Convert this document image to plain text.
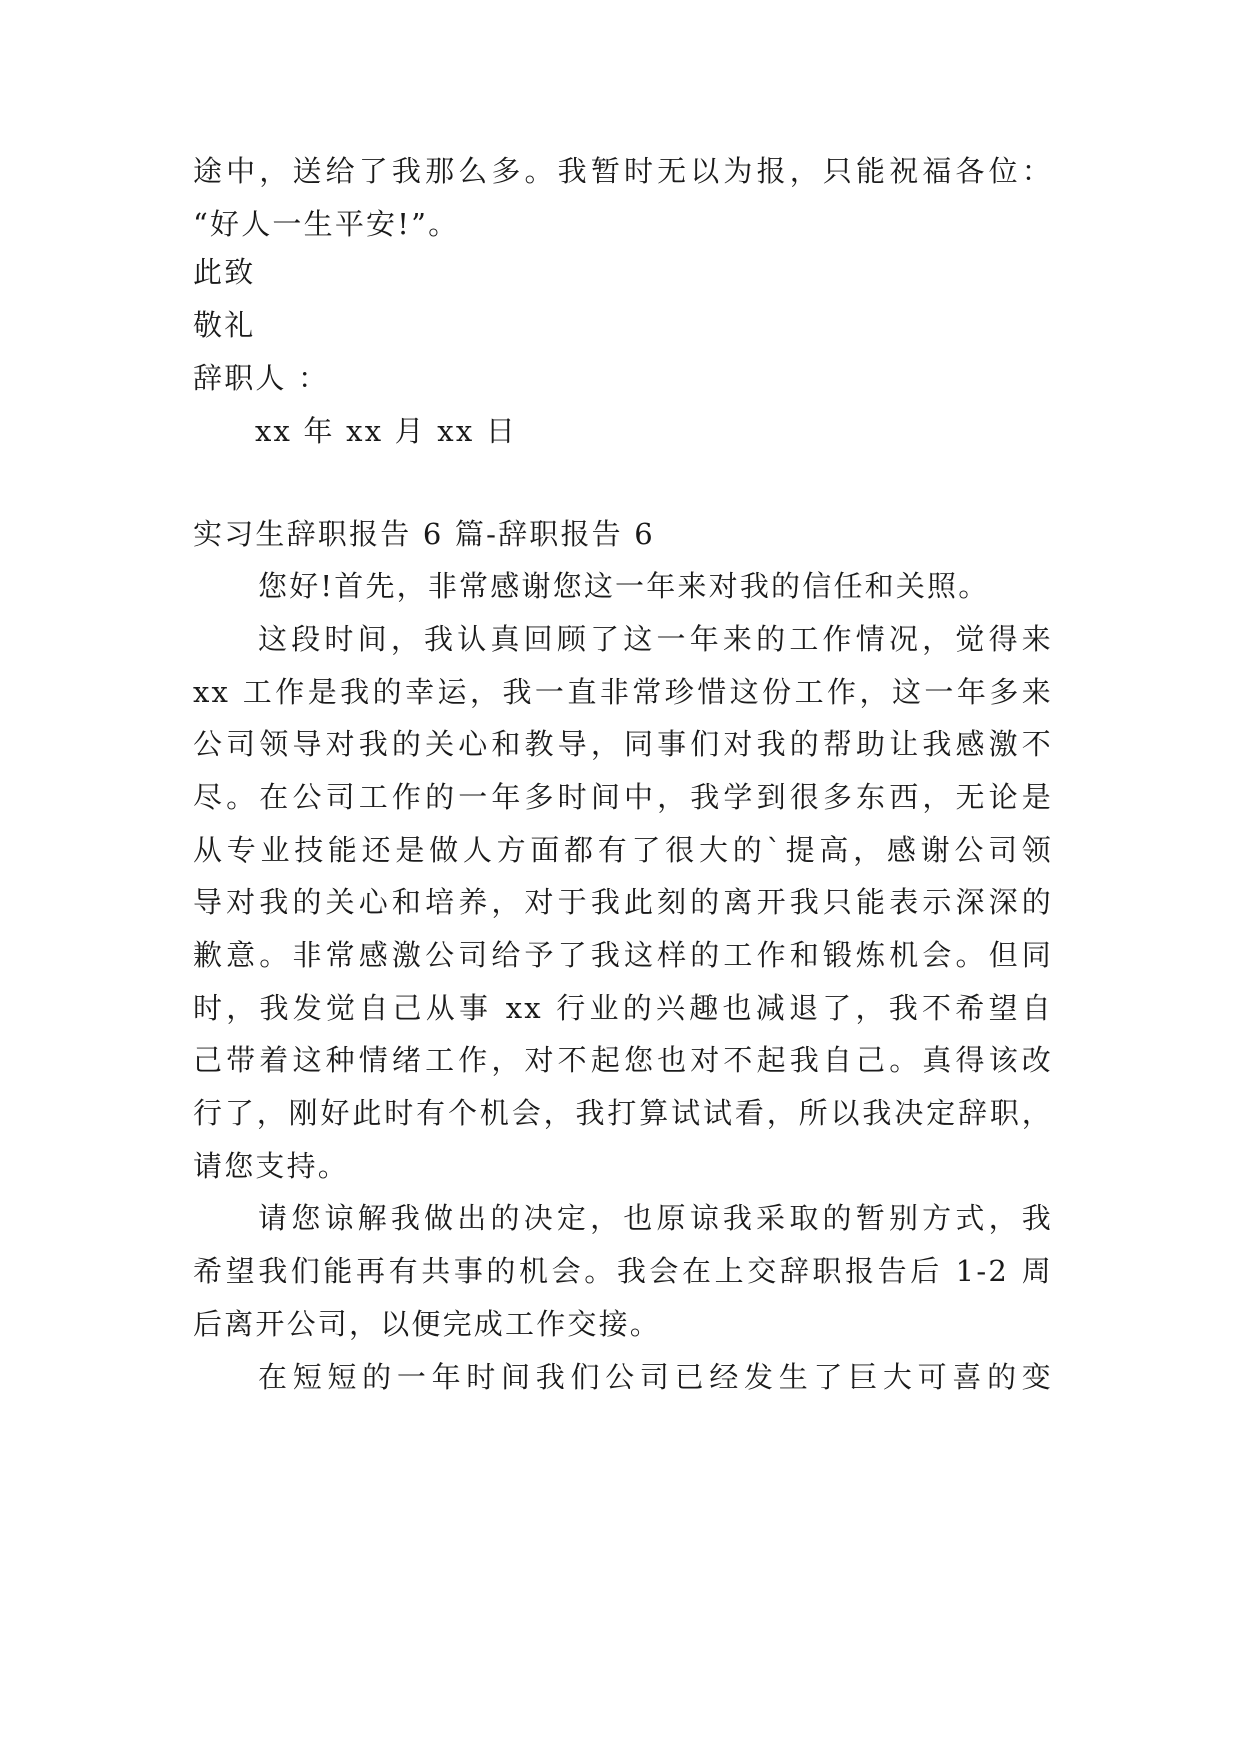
途中，送给了我那么多。我暂时无以为报，只能祝福各位：
“好人一生平安!”。
此致
敬礼
辞职人 ：
xx 年 xx 月 xx 日
实习生辞职报告 6 篇-辞职报告 6
您好!首先，非常感谢您这一年来对我的信任和关照。
这段时间，我认真回顾了这一年来的工作情况，觉得来
xx 工作是我的幸运，我一直非常珍惜这份工作，这一年多来
公司领导对我的关心和教导，同事们对我的帮助让我感激不
尽。在公司工作的一年多时间中，我学到很多东西，无论是
从专业技能还是做人方面都有了很大的`提高，感谢公司领
导对我的关心和培养，对于我此刻的离开我只能表示深深的
歉意。非常感激公司给予了我这样的工作和锻炼机会。但同
时，我发觉自己从事 xx 行业的兴趣也减退了，我不希望自
己带着这种情绪工作，对不起您也对不起我自己。真得该改
行了，刚好此时有个机会，我打算试试看，所以我决定辞职，
请您支持。
请您谅解我做出的决定，也原谅我采取的暂别方式，我
希望我们能再有共事的机会。我会在上交辞职报告后 1-2 周
后离开公司，以便完成工作交接。
在短短的一年时间我们公司已经发生了巨大可喜的变
